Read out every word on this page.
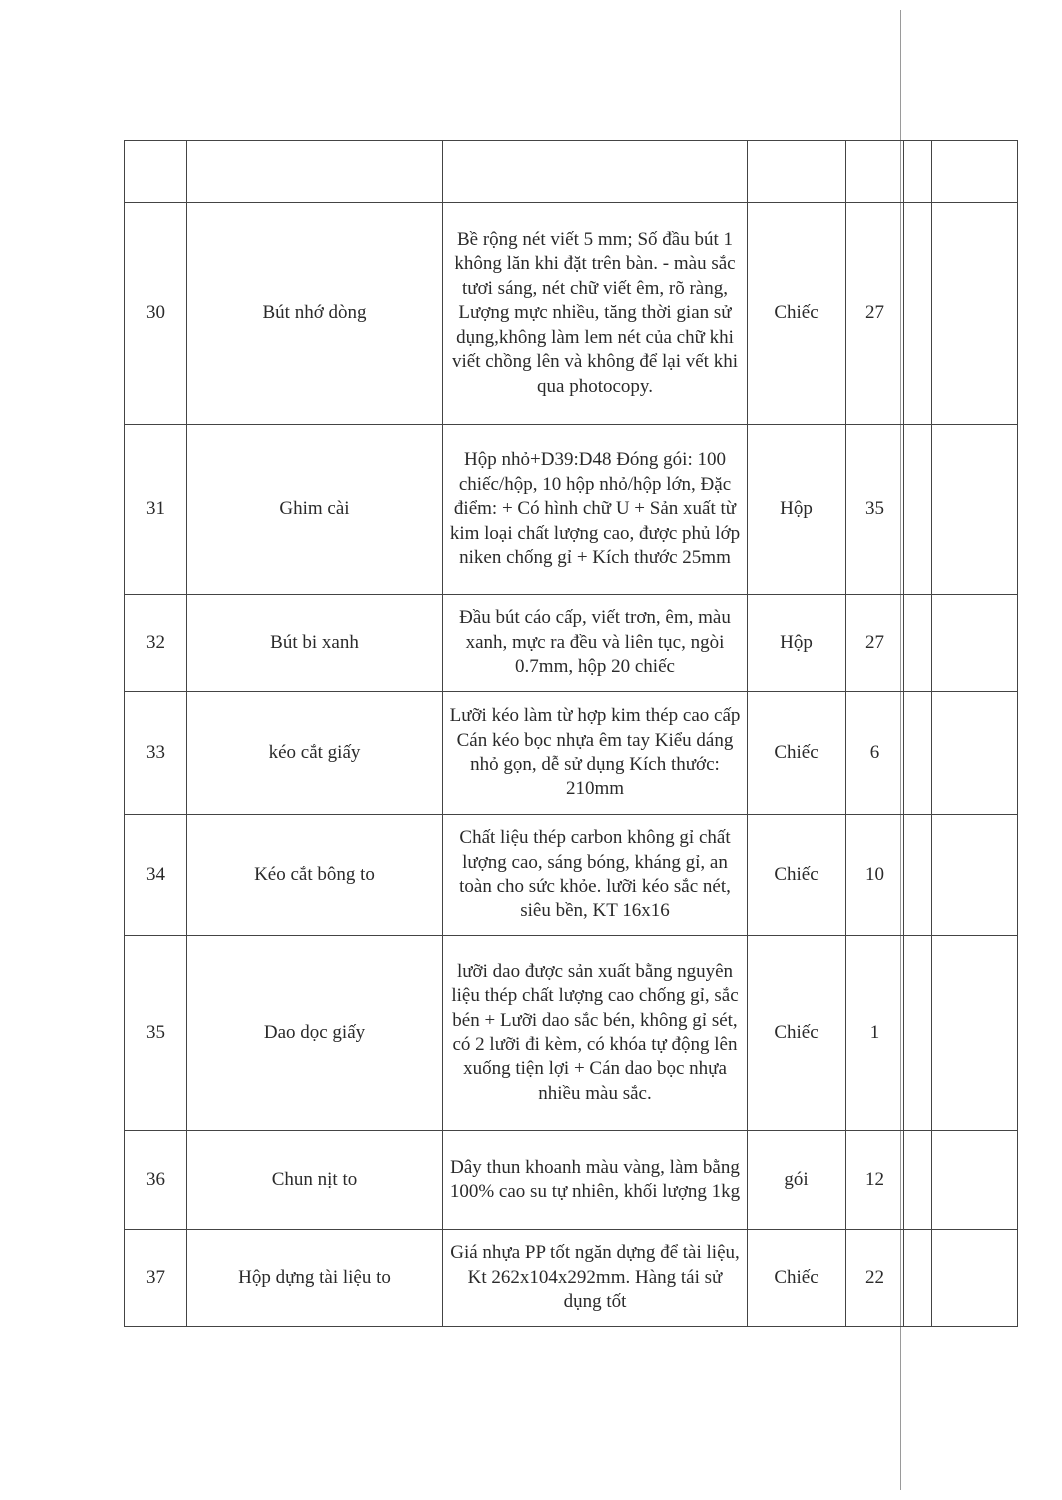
30	Bút nhớ dòng	Bề rộng nét viết 5 mm; Số đầu bút 1 không lăn khi đặt trên bàn. - màu sắc tươi sáng, nét chữ viết êm, rõ ràng, Lượng mực nhiều, tăng thời gian sử dụng,không làm lem nét của chữ khi viết chồng lên và không để lại vết khi qua photocopy.	Chiếc	27		
31	Ghim cài	Hộp nhỏ+D39:D48 Đóng gói: 100 chiếc/hộp, 10 hộp nhỏ/hộp lớn, Đặc điểm: + Có hình chữ U + Sản xuất từ kim loại chất lượng cao, được phủ lớp niken chống gỉ + Kích thước 25mm	Hộp	35		
32	Bút bi xanh	Đầu bút cáo cấp, viết trơn, êm, màu xanh, mực ra đều và liên tục, ngòi 0.7mm, hộp 20 chiếc	Hộp	27		
33	kéo cắt giấy	Lưỡi kéo làm từ hợp kim thép cao cấp Cán kéo bọc nhựa êm tay Kiểu dáng nhỏ gọn, dễ sử dụng Kích thước: 210mm	Chiếc	6		
34	Kéo cắt bông to	Chất liệu thép carbon không gỉ chất lượng cao, sáng bóng, kháng gỉ, an toàn cho sức khỏe. lưỡi kéo sắc nét, siêu bền, KT 16x16	Chiếc	10		
35	Dao dọc giấy	lưỡi dao được sản xuất bằng nguyên liệu thép chất lượng cao chống gỉ, sắc bén + Lưỡi dao sắc bén, không gỉ sét, có 2 lưỡi đi kèm, có khóa tự động lên xuống tiện lợi + Cán dao bọc nhựa nhiều màu sắc.	Chiếc	1		
36	Chun nịt to	Dây thun khoanh màu vàng, làm bằng 100% cao su tự nhiên, khối lượng 1kg	gói	12		
37	Hộp dựng tài liệu to	Giá nhựa PP tốt ngăn dựng để tài liệu, Kt 262x104x292mm. Hàng tái sử dụng tốt	Chiếc	22		
